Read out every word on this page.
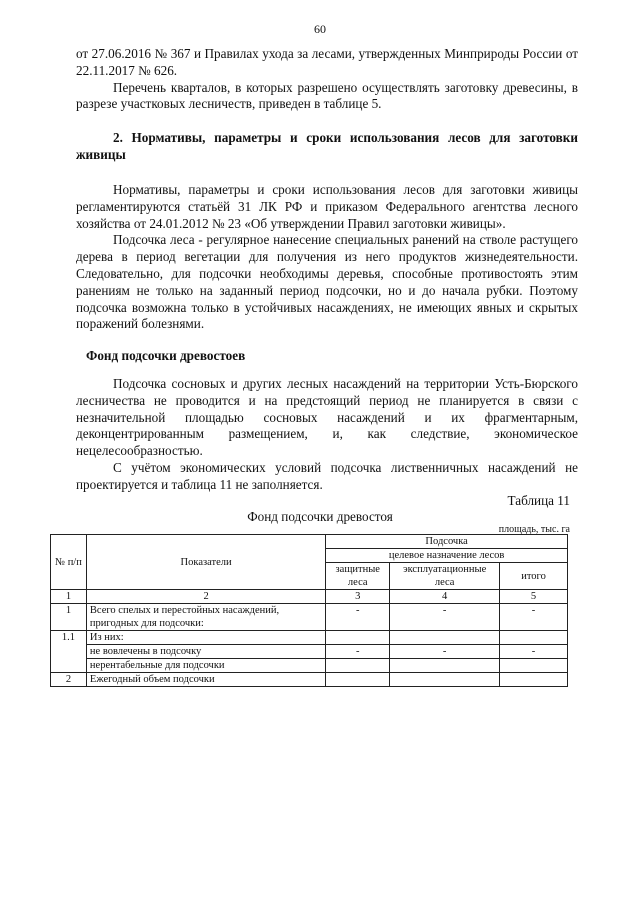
60

от 27.06.2016 № 367 и Правилах ухода за лесами, утвержденных Минприроды России от 22.11.2017 № 626.

Перечень кварталов, в которых разрешено осуществлять заготовку древесины, в разрезе участковых лесничеств, приведен в таблице 5.

2. Нормативы, параметры и сроки использования лесов для заготовки живицы

Нормативы, параметры и сроки использования лесов для заготовки живицы регламентируются статьёй 31 ЛК РФ и приказом Федерального агентства лесного хозяйства от 24.01.2012 № 23 «Об утверждении Правил заготовки живицы».

Подсочка леса - регулярное нанесение специальных ранений на стволе растущего дерева в период вегетации для получения из него продуктов жизнедеятельности. Следовательно, для подсочки необходимы деревья, способные противостоять этим ранениям не только на заданный период подсочки, но и до начала рубки. Поэтому подсочка возможна только в устойчивых насаждениях, не имеющих явных и скрытых поражений болезнями.

Фонд подсочки древостоев

Подсочка сосновых и других лесных насаждений на территории Усть-Бюрского лесничества не проводится и на предстоящий период не планируется в связи с незначительной площадью сосновых насаждений и их фрагментарным, деконцентрированным размещением, и, как следствие, экономическое нецелесообразностью.

С учётом экономических условий подсочка лиственничных насаждений не проектируется и таблица 11 не заполняется.

Таблица 11
Фонд подсочки древостоя
площадь, тыс. га
№ п/п	Показатели	Подсочка		
		целевое назначение лесов		
		защитные леса	эксплуатационные леса	итого
1	2	3	4	5
1	Всего спелых и перестойных насаждений, пригодных для подсочки:	-	-	-
1.1	Из них:			
	не вовлечены в подсочку	-	-	-
	нерентабельные для подсочки			
2	Ежегодный объем подсочки			
